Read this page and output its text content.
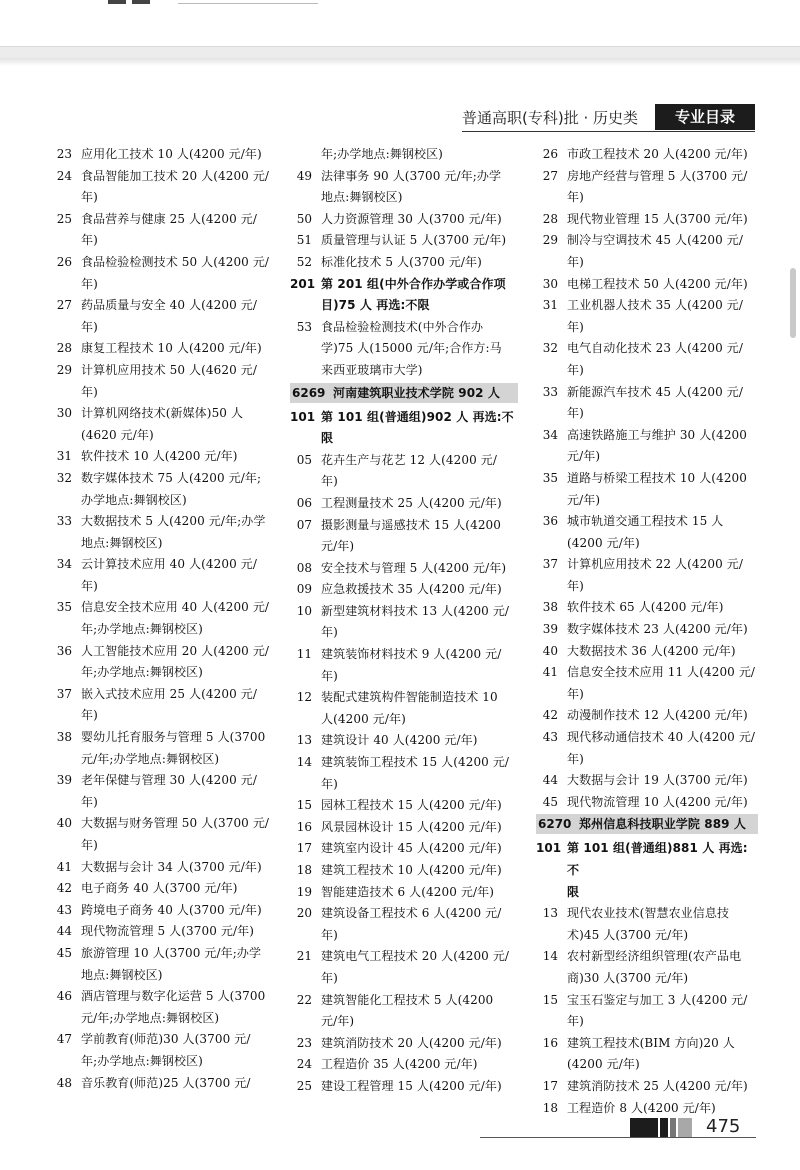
普通高职(专科)批 · 历史类	专业目录
23 应用化工技术 10 人(4200 元/年)
24 食品智能加工技术 20 人(4200 元/
年)
25 食品营养与健康 25 人(4200 元/
年)
26 食品检验检测技术 50 人(4200 元/
年)
27 药品质量与安全 40 人(4200 元/
年)
28 康复工程技术 10 人(4200 元/年)
29 计算机应用技术 50 人(4620 元/
年)
30 计算机网络技术(新媒体)50 人
(4620 元/年)
31 软件技术 10 人(4200 元/年)
32 数字媒体技术 75 人(4200 元/年;
办学地点:舞钢校区)
33 大数据技术 5 人(4200 元/年;办学
地点:舞钢校区)
34 云计算技术应用 40 人(4200 元/
年)
35 信息安全技术应用 40 人(4200 元/
年;办学地点:舞钢校区)
36 人工智能技术应用 20 人(4200 元/
年;办学地点:舞钢校区)
37 嵌入式技术应用 25 人(4200 元/
年)
38 婴幼儿托育服务与管理 5 人(3700
元/年;办学地点:舞钢校区)
39 老年保健与管理 30 人(4200 元/
年)
40 大数据与财务管理 50 人(3700 元/
年)
41 大数据与会计 34 人(3700 元/年)
42 电子商务 40 人(3700 元/年)
43 跨境电子商务 40 人(3700 元/年)
44 现代物流管理 5 人(3700 元/年)
45 旅游管理 10 人(3700 元/年;办学
地点:舞钢校区)
46 酒店管理与数字化运营 5 人(3700
元/年;办学地点:舞钢校区)
47 学前教育(师范)30 人(3700 元/
年;办学地点:舞钢校区)
48 音乐教育(师范)25 人(3700 元/
年;办学地点:舞钢校区)
49 法律事务 90 人(3700 元/年;办学
地点:舞钢校区)
50 人力资源管理 30 人(3700 元/年)
51 质量管理与认证 5 人(3700 元/年)
52 标准化技术 5 人(3700 元/年)
201 第 201 组(中外合作办学或合作项
目)75 人 再选:不限
53 食品检验检测技术(中外合作办
学)75 人(15000 元/年;合作方:马
来西亚玻璃市大学)
6269 河南建筑职业技术学院 902 人
101 第 101 组(普通组)902 人 再选:不
限
05 花卉生产与花艺 12 人(4200 元/
年)
06 工程测量技术 25 人(4200 元/年)
07 摄影测量与遥感技术 15 人(4200
元/年)
08 安全技术与管理 5 人(4200 元/年)
09 应急救援技术 35 人(4200 元/年)
10 新型建筑材料技术 13 人(4200 元/
年)
11 建筑装饰材料技术 9 人(4200 元/
年)
12 装配式建筑构件智能制造技术 10
人(4200 元/年)
13 建筑设计 40 人(4200 元/年)
14 建筑装饰工程技术 15 人(4200 元/
年)
15 园林工程技术 15 人(4200 元/年)
16 风景园林设计 15 人(4200 元/年)
17 建筑室内设计 45 人(4200 元/年)
18 建筑工程技术 10 人(4200 元/年)
19 智能建造技术 6 人(4200 元/年)
20 建筑设备工程技术 6 人(4200 元/
年)
21 建筑电气工程技术 20 人(4200 元/
年)
22 建筑智能化工程技术 5 人(4200
元/年)
23 建筑消防技术 20 人(4200 元/年)
24 工程造价 35 人(4200 元/年)
25 建设工程管理 15 人(4200 元/年)
26 市政工程技术 20 人(4200 元/年)
27 房地产经营与管理 5 人(3700 元/
年)
28 现代物业管理 15 人(3700 元/年)
29 制冷与空调技术 45 人(4200 元/
年)
30 电梯工程技术 50 人(4200 元/年)
31 工业机器人技术 35 人(4200 元/
年)
32 电气自动化技术 23 人(4200 元/
年)
33 新能源汽车技术 45 人(4200 元/
年)
34 高速铁路施工与维护 30 人(4200
元/年)
35 道路与桥梁工程技术 10 人(4200
元/年)
36 城市轨道交通工程技术 15 人
(4200 元/年)
37 计算机应用技术 22 人(4200 元/
年)
38 软件技术 65 人(4200 元/年)
39 数字媒体技术 23 人(4200 元/年)
40 大数据技术 36 人(4200 元/年)
41 信息安全技术应用 11 人(4200 元/
年)
42 动漫制作技术 12 人(4200 元/年)
43 现代移动通信技术 40 人(4200 元/
年)
44 大数据与会计 19 人(3700 元/年)
45 现代物流管理 10 人(4200 元/年)
6270 郑州信息科技职业学院 889 人
101 第 101 组(普通组)881 人 再选:不
限
13 现代农业技术(智慧农业信息技
术)45 人(3700 元/年)
14 农村新型经济组织管理(农产品电
商)30 人(3700 元/年)
15 宝玉石鉴定与加工 3 人(4200 元/
年)
16 建筑工程技术(BIM 方向)20 人
(4200 元/年)
17 建筑消防技术 25 人(4200 元/年)
18 工程造价 8 人(4200 元/年)
475
